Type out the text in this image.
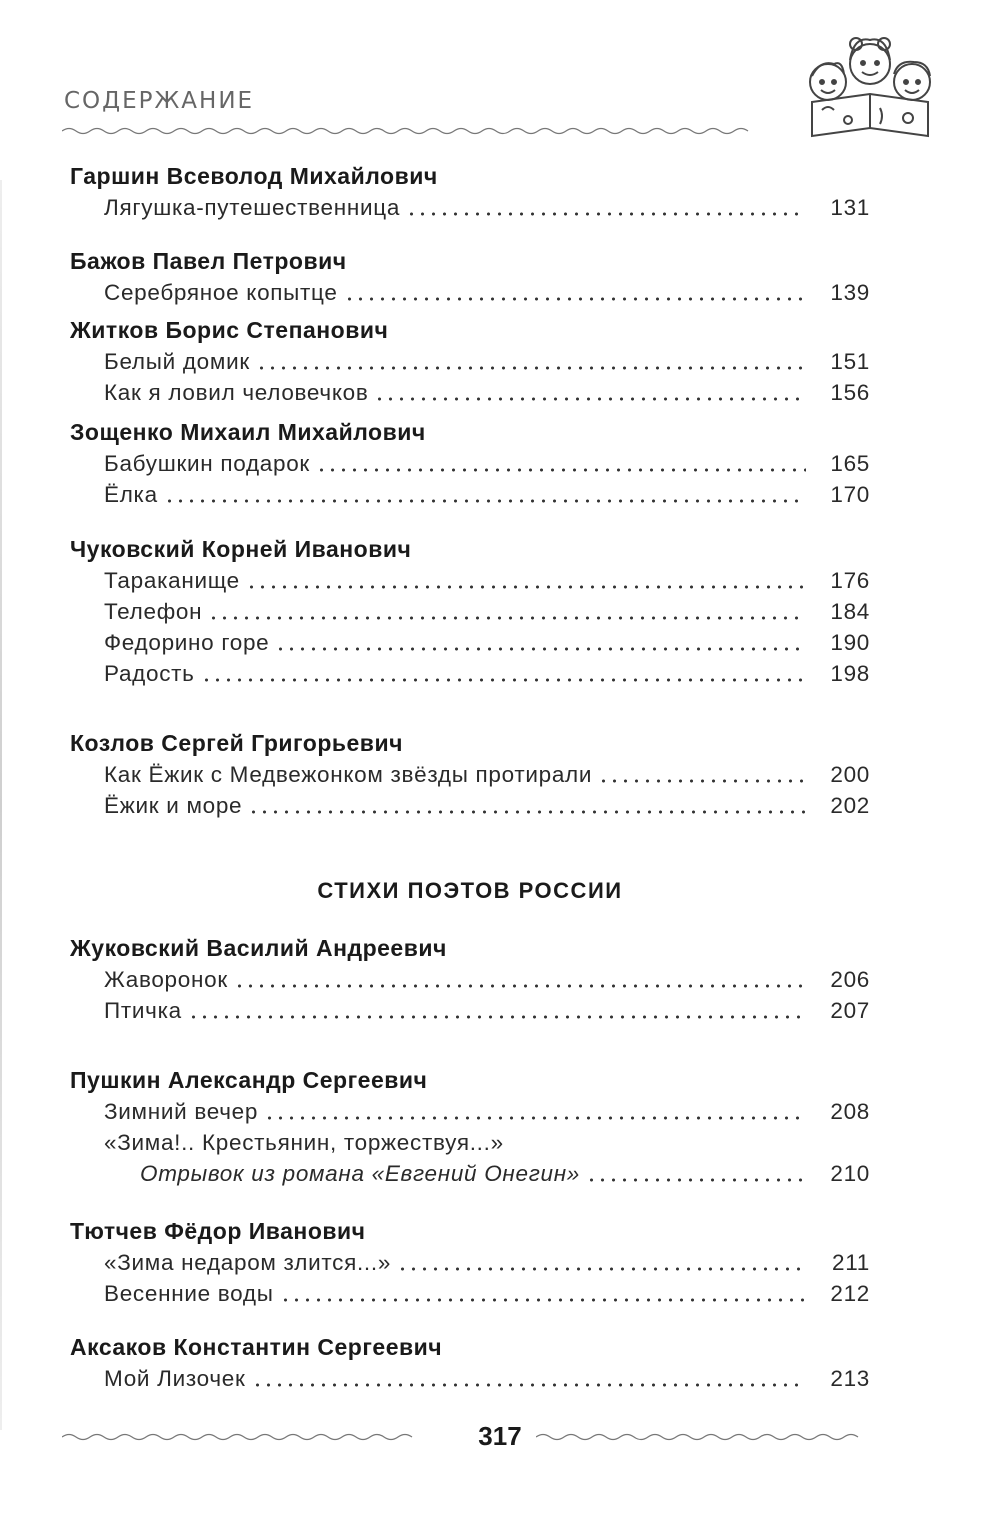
СОДЕРЖАНИЕ
Гаршин Всеволод Михайлович
Лягушка-путешественница	131
Бажов Павел Петрович
Серебряное копытце	139
Житков Борис Степанович
Белый домик	151
Как я ловил человечков	156
Зощенко Михаил Михайлович
Бабушкин подарок	165
Ёлка	170
Чуковский Корней Иванович
Тараканище	176
Телефон	184
Федорино горе	190
Радость	198
Козлов Сергей Григорьевич
Как Ёжик с Медвежонком звёзды протирали	200
Ёжик и море	202
СТИХИ ПОЭТОВ РОССИИ
Жуковский Василий Андреевич
Жаворонок	206
Птичка	207
Пушкин Александр Сергеевич
Зимний вечер	208
«Зима!.. Крестьянин, торжествуя...»
Отрывок из романа «Евгений Онегин»	210
Тютчев Фёдор Иванович
«Зима недаром злится...»	211
Весенние воды	212
Аксаков Константин Сергеевич
Мой Лизочек	213
317
